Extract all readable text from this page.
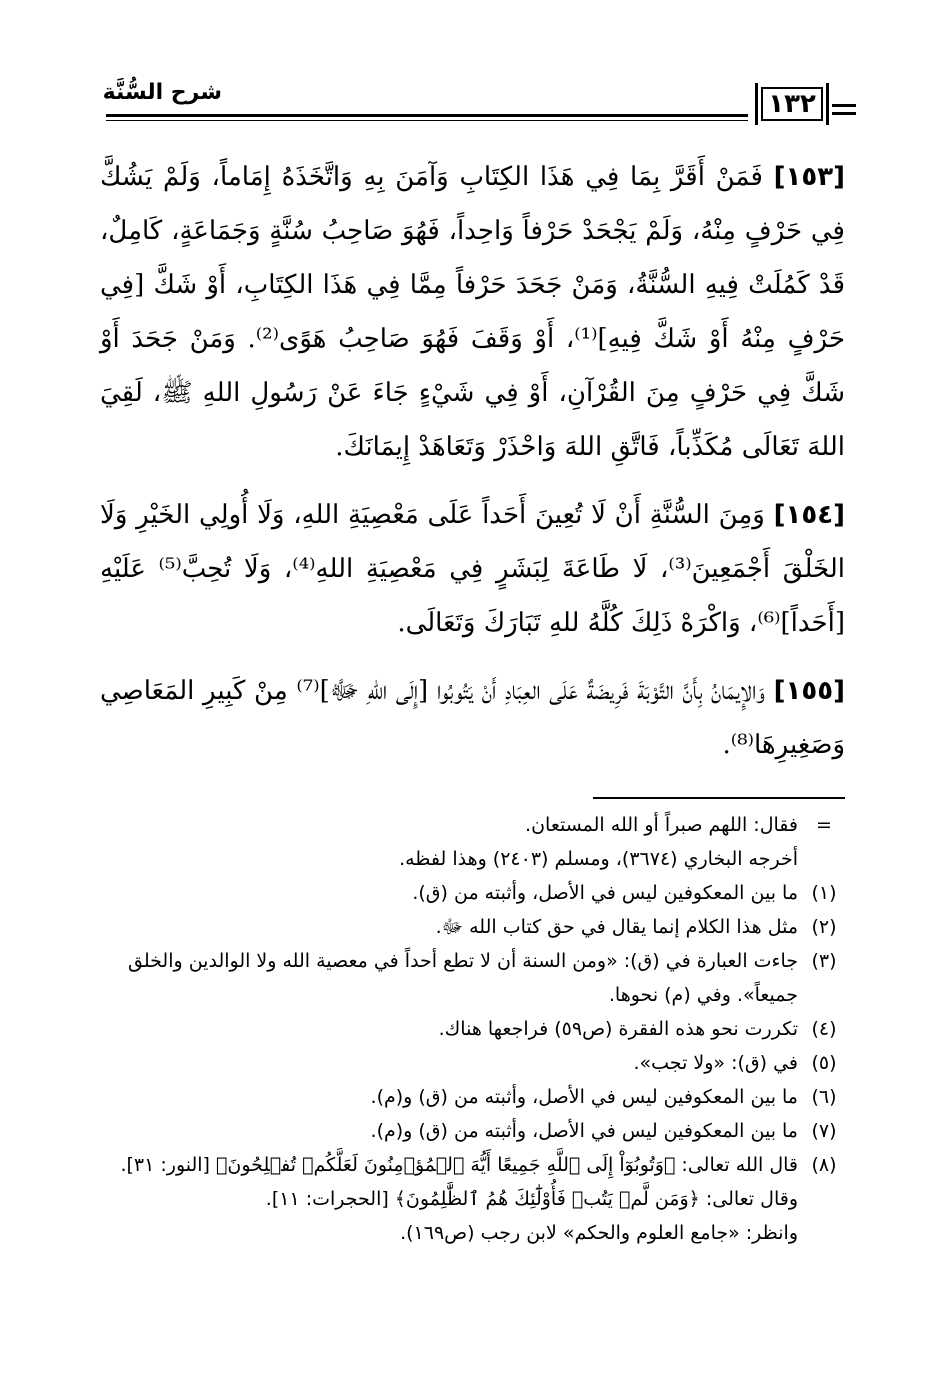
١٣٢
شرح السُّنَّة

[١٥٣] فَمَنْ أَقَرَّ بِمَا فِي هَذَا الكِتَابِ وَآمَنَ بِهِ وَاتَّخَذَهُ إِمَاماً، وَلَمْ يَشُكَّ فِي حَرْفٍ مِنْهُ، وَلَمْ يَجْحَدْ حَرْفاً وَاحِداً، فَهُوَ صَاحِبُ سُنَّةٍ وَجَمَاعَةٍ، كَامِلٌ، قَدْ كَمُلَتْ فِيهِ السُّنَّةُ، وَمَنْ جَحَدَ حَرْفاً مِمَّا فِي هَذَا الكِتَابِ، أَوْ شَكَّ [فِي حَرْفٍ مِنْهُ أَوْ شَكَّ فِيهِ]⁽¹⁾، أَوْ وَقَفَ فَهُوَ صَاحِبُ هَوًى⁽²⁾. وَمَنْ جَحَدَ أَوْ شَكَّ فِي حَرْفٍ مِنَ القُرْآنِ، أَوْ فِي شَيْءٍ جَاءَ عَنْ رَسُولِ اللهِ ﷺ، لَقِيَ اللهَ تَعَالَى مُكَذِّباً، فَاتَّقِ اللهَ وَاحْذَرْ وَتَعَاهَدْ إِيمَانَكَ.

[١٥٤] وَمِنَ السُّنَّةِ أَنْ لَا تُعِينَ أَحَداً عَلَى مَعْصِيَةِ اللهِ، وَلَا أُولِي الخَيْرِ وَلَا الخَلْقَ أَجْمَعِينَ⁽³⁾، لَا طَاعَةَ لِبَشَرٍ فِي مَعْصِيَةِ اللهِ⁽⁴⁾، وَلَا تُحِبَّ⁽⁵⁾ عَلَيْهِ [أَحَداً]⁽⁶⁾، وَاكْرَهْ ذَلِكَ كُلَّهُ للهِ تَبَارَكَ وَتَعَالَى.

[١٥٥] وَالإِيمَانُ بِأَنَّ التَّوْبَةَ فَرِيضَةٌ عَلَى العِبَادِ أَنْ يَتُوبُوا [إِلَى اللهِ ﷻ]⁽⁷⁾ مِنْ كَبِيرِ المَعَاصِي وَصَغِيرِهَا⁽⁸⁾.

=
فقال: اللهم صبراً أو الله المستعان.
أخرجه البخاري (٣٦٧٤)، ومسلم (٢٤٠٣) وهذا لفظه.
(١)
ما بين المعكوفين ليس في الأصل، وأثبته من (ق).
(٢)
مثل هذا الكلام إنما يقال في حق كتاب الله ﷻ.
(٣)
جاءت العبارة في (ق): «ومن السنة أن لا تطع أحداً في معصية الله ولا الوالدين والخلق جميعاً». وفي (م) نحوها.
(٤)
تكررت نحو هذه الفقرة (ص٥٩) فراجعها هناك.
(٥)
في (ق): «ولا تجب».
(٦)
ما بين المعكوفين ليس في الأصل، وأثبته من (ق) و(م).
(٧)
ما بين المعكوفين ليس في الأصل، وأثبته من (ق) و(م).
(٨)
قال الله تعالى: ﴿وَتُوبُوٓاْ إِلَى ٱللَّهِ جَمِيعًا أَيُّهَ ٱلۡمُؤۡمِنُونَ لَعَلَّكُمۡ تُفۡلِحُونَ﴾ [النور: ٣١].
وقال تعالى: ﴿وَمَن لَّمۡ يَتُبۡ فَأُوْلَٰٓئِكَ هُمُ ٱلظَّٰلِمُونَ﴾ [الحجرات: ١١].
وانظر: «جامع العلوم والحكم» لابن رجب (ص١٦٩).
